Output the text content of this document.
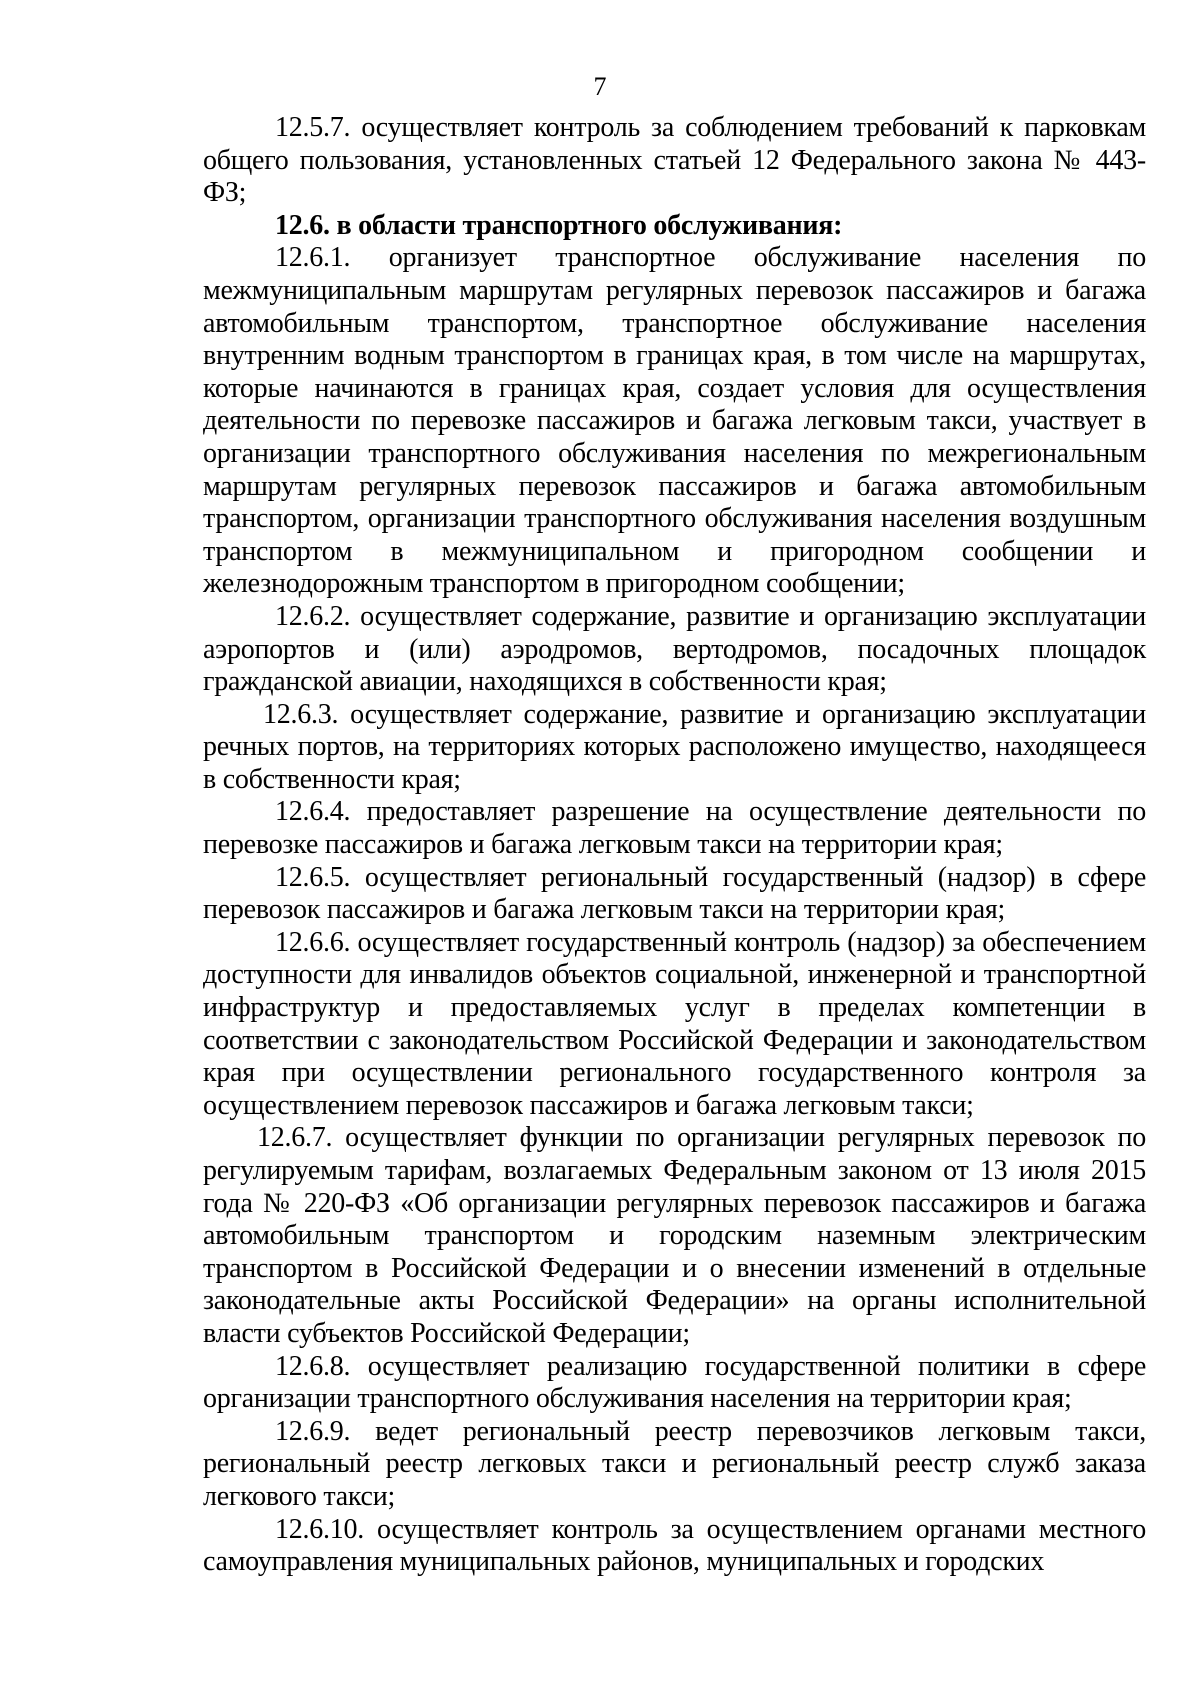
7

12.5.7. осуществляет контроль за соблюдением требований к парковкам общего пользования, установленных статьей 12 Федерального закона № 443-ФЗ;

12.6. в области транспортного обслуживания:

12.6.1. организует транспортное обслуживание населения по межмуниципальным маршрутам регулярных перевозок пассажиров и багажа автомобильным транспортом, транспортное обслуживание населения внутренним водным транспортом в границах края, в том числе на маршрутах, которые начинаются в границах края, создает условия для осуществления деятельности по перевозке пассажиров и багажа легковым такси, участвует в организации транспортного обслуживания населения по межрегиональным маршрутам регулярных перевозок пассажиров и багажа автомобильным транспортом, организации транспортного обслуживания населения воздушным транспортом в межмуниципальном и пригородном сообщении и железнодорожным транспортом в пригородном сообщении;

12.6.2. осуществляет содержание, развитие и организацию эксплуатации аэропортов и (или) аэродромов, вертодромов, посадочных площадок гражданской авиации, находящихся в собственности края;

12.6.3. осуществляет содержание, развитие и организацию эксплуатации речных портов, на территориях которых расположено имущество, находящееся в собственности края;

12.6.4. предоставляет разрешение на осуществление деятельности по перевозке пассажиров и багажа легковым такси на территории края;

12.6.5. осуществляет региональный государственный (надзор) в сфере перевозок пассажиров и багажа легковым такси на территории края;

12.6.6. осуществляет государственный контроль (надзор) за обеспечением доступности для инвалидов объектов социальной, инженерной и транспортной инфраструктур и предоставляемых услуг в пределах компетенции в соответствии с законодательством Российской Федерации и законодательством края при осуществлении регионального государственного контроля за осуществлением перевозок пассажиров и багажа легковым такси;

12.6.7. осуществляет функции по организации регулярных перевозок по регулируемым тарифам, возлагаемых Федеральным законом от 13 июля 2015 года № 220-ФЗ «Об организации регулярных перевозок пассажиров и багажа автомобильным транспортом и городским наземным электрическим транспортом в Российской Федерации и о внесении изменений в отдельные законодательные акты Российской Федерации» на органы исполнительной власти субъектов Российской Федерации;

12.6.8. осуществляет реализацию государственной политики в сфере организации транспортного обслуживания населения на территории края;

12.6.9. ведет региональный реестр перевозчиков легковым такси, региональный реестр легковых такси и региональный реестр служб заказа легкового такси;

12.6.10. осуществляет контроль за осуществлением органами местного самоуправления муниципальных районов, муниципальных и городских
